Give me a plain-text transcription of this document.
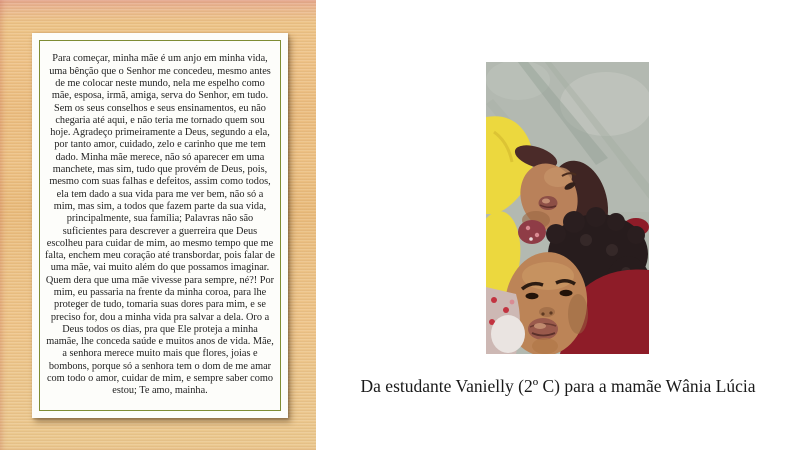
Para começar, minha mãe é um anjo em minha vida, uma bênção que o Senhor me concedeu, mesmo antes de me colocar neste mundo, nela me espelho como mãe, esposa, irmã, amiga, serva do Senhor, em tudo. Sem os seus conselhos e seus ensinamentos, eu não chegaria até aqui, e não teria me tornado quem sou hoje. Agradeço primeiramente a Deus, segundo a ela, por tanto amor, cuidado, zelo e carinho que me tem dado. Minha mãe merece, não só aparecer em uma manchete, mas sim, tudo que provém de Deus, pois, mesmo com suas falhas e defeitos, assim como todos, ela tem dado a sua vida para me ver bem, não só a mim, mas sim, a todos que fazem parte da sua vida, principalmente, sua família; Palavras não são suficientes para descrever a guerreira que Deus escolheu para cuidar de mim, ao mesmo tempo que me falta, enchem meu coração até transbordar, pois falar de uma mãe, vai muito além do que possamos imaginar. Quem dera que uma mãe vivesse para sempre, né?! Por mim, eu passaria na frente da minha coroa, para lhe proteger de tudo, tomaria suas dores para mim, e se preciso for, dou a minha vida pra salvar a dela. Oro a Deus todos os dias, pra que Ele proteja a minha mamãe, lhe conceda saúde e muitos anos de vida. Mãe, a senhora merece muito mais que flores, joias e bombons, porque só a senhora tem o dom de me amar com todo o amor, cuidar de mim, e sempre saber como estou; Te amo, mainha.	Da estudante Vanielly (2º C) para a mamãe Wânia Lúcia
